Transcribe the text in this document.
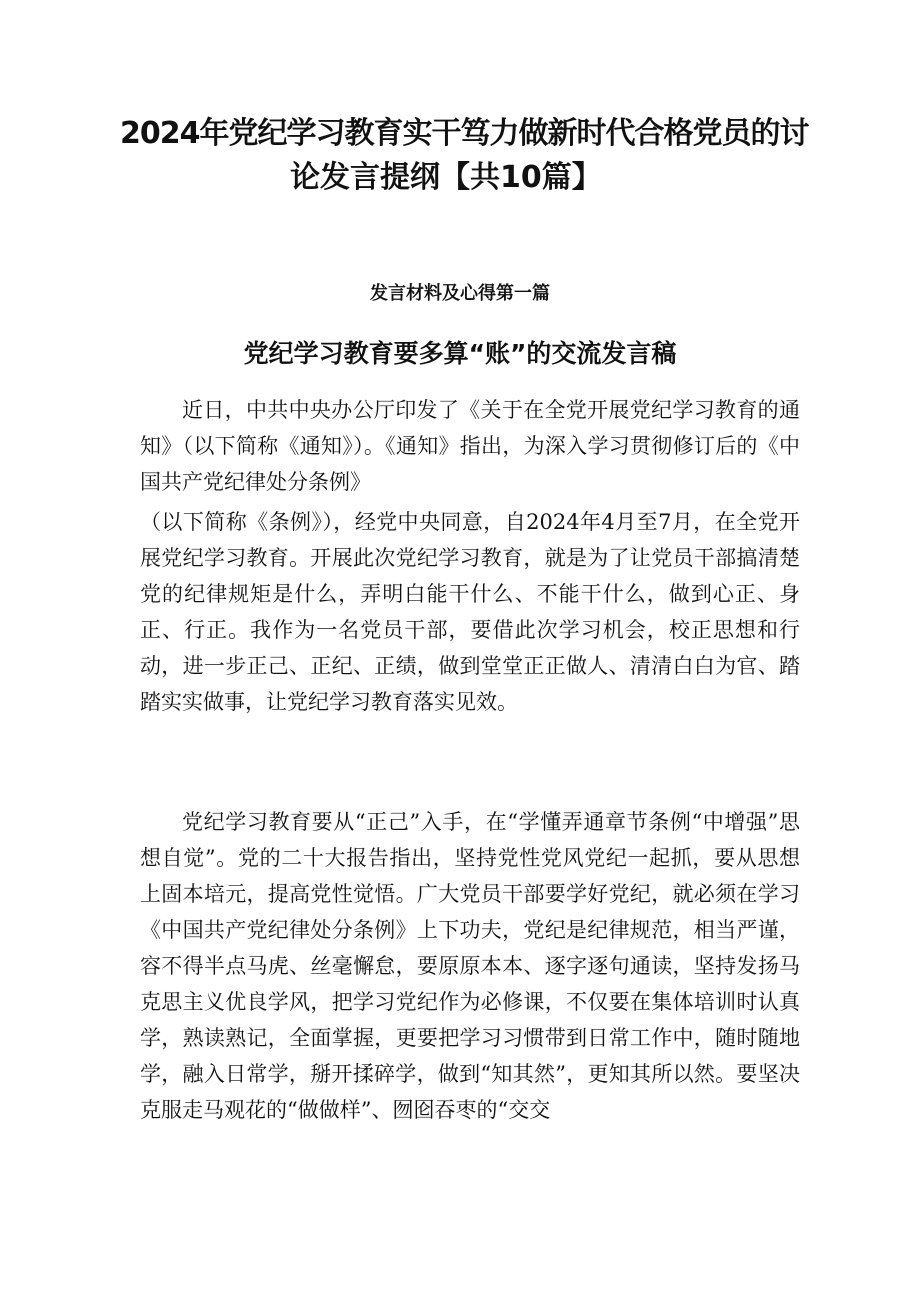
2024年党纪学习教育实干笃力做新时代合格党员的讨
论发言提纲【共10篇】
发言材料及心得第一篇
党纪学习教育要多算“账”的交流发言稿

近日，中共中央办公厅印发了《关于在全党开展党纪学习教育的通知》（以下简称《通知》）。《通知》指出，为深入学习贯彻修订后的《中国共产党纪律处分条例》

（以下简称《条例》），经党中央同意，自2024年4月至7月，在全党开展党纪学习教育。开展此次党纪学习教育，就是为了让党员干部搞清楚党的纪律规矩是什么，弄明白能干什么、不能干什么，做到心正、身正、行正。我作为一名党员干部，要借此次学习机会，校正思想和行动，进一步正己、正纪、正绩，做到堂堂正正做人、清清白白为官、踏踏实实做事，让党纪学习教育落实见效。

党纪学习教育要从“正己”入手，在“学懂弄通章节条例“中增强”思想自觉”。党的二十大报告指出，坚持党性党风党纪一起抓，要从思想上固本培元，提高党性觉悟。广大党员干部要学好党纪，就必须在学习《中国共产党纪律处分条例》上下功夫，党纪是纪律规范，相当严谨，容不得半点马虎、丝毫懈怠，要原原本本、逐字逐句通读，坚持发扬马克思主义优良学风，把学习党纪作为必修课，不仅要在集体培训时认真学，熟读熟记，全面掌握，更要把学习习惯带到日常工作中，随时随地学，融入日常学，掰开揉碎学，做到“知其然”，更知其所以然。要坚决克服走马观花的“做做样”、囫囵吞枣的“交交
